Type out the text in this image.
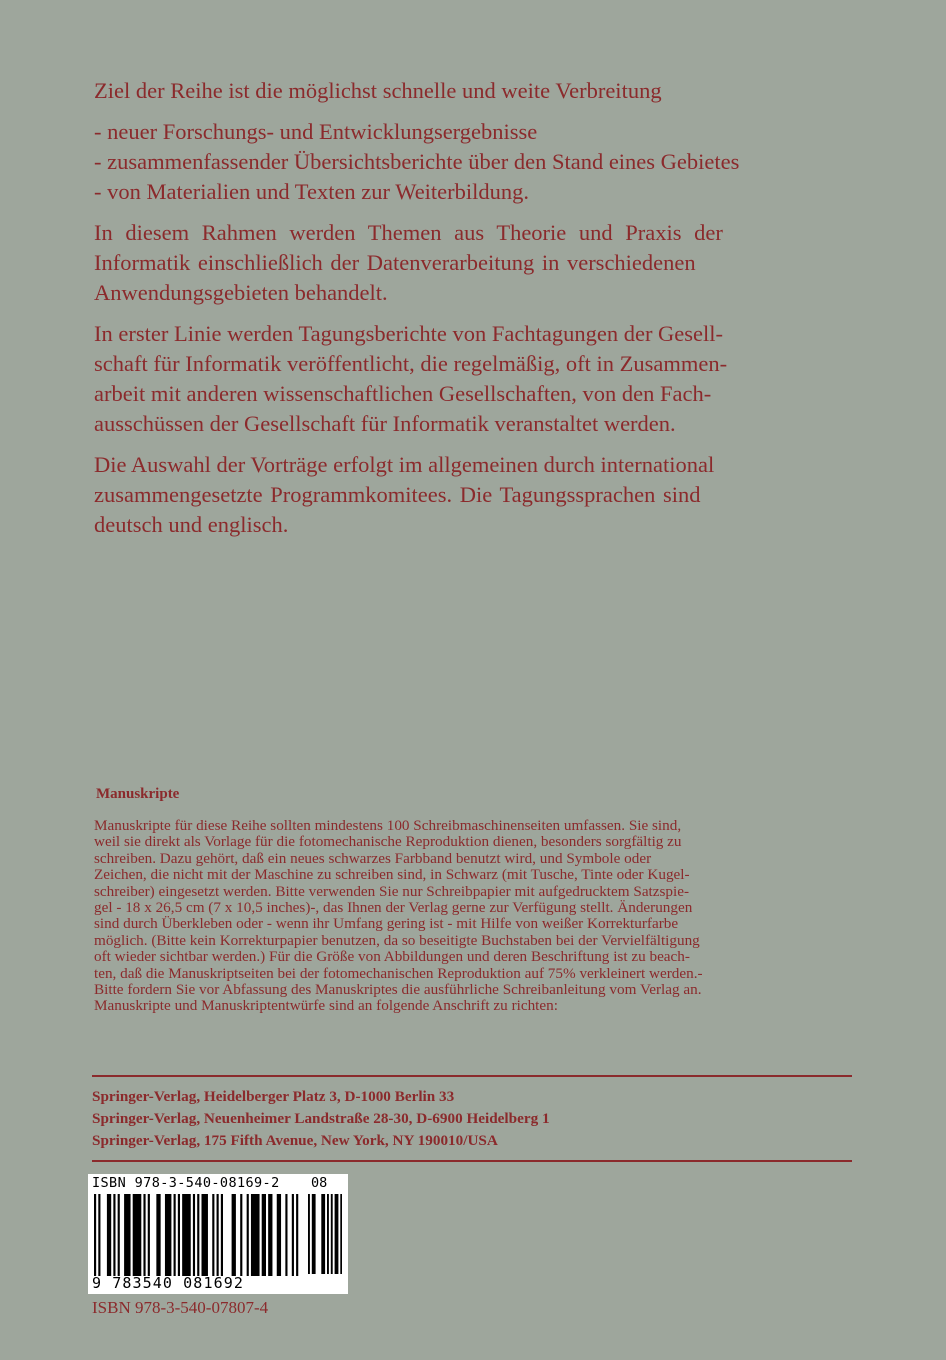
Ziel der Reihe ist die möglichst schnelle und weite Verbreitung

- neuer Forschungs- und Entwicklungsergebnisse
- zusammenfassender Übersichtsberichte über den Stand eines Gebietes
- von Materialien und Texten zur Weiterbildung.

In diesem Rahmen werden Themen aus Theorie und Praxis der
Informatik einschließlich der Datenverarbeitung in verschiedenen
Anwendungsgebieten behandelt.

In erster Linie werden Tagungsberichte von Fachtagungen der Gesell-
schaft für Informatik veröffentlicht, die regelmäßig, oft in Zusammen-
arbeit mit anderen wissenschaftlichen Gesellschaften, von den Fach-
ausschüssen der Gesellschaft für Informatik veranstaltet werden.

Die Auswahl der Vorträge erfolgt im allgemeinen durch international
zusammengesetzte Programmkomitees. Die Tagungssprachen sind
deutsch und englisch.

Manuskripte
Manuskripte für diese Reihe sollten mindestens 100 Schreibmaschinenseiten umfassen. Sie sind,
weil sie direkt als Vorlage für die fotomechanische Reproduktion dienen, besonders sorgfältig zu
schreiben. Dazu gehört, daß ein neues schwarzes Farbband benutzt wird, und Symbole oder
Zeichen, die nicht mit der Maschine zu schreiben sind, in Schwarz (mit Tusche, Tinte oder Kugel-
schreiber) eingesetzt werden. Bitte verwenden Sie nur Schreibpapier mit aufgedrucktem Satzspie-
gel - 18 x 26,5 cm (7 x 10,5 inches)-, das Ihnen der Verlag gerne zur Verfügung stellt. Änderungen
sind durch Überkleben oder - wenn ihr Umfang gering ist - mit Hilfe von weißer Korrekturfarbe
möglich. (Bitte kein Korrekturpapier benutzen, da so beseitigte Buchstaben bei der Vervielfältigung
oft wieder sichtbar werden.) Für die Größe von Abbildungen und deren Beschriftung ist zu beach-
ten, daß die Manuskriptseiten bei der fotomechanischen Reproduktion auf 75% verkleinert werden.-
Bitte fordern Sie vor Abfassung des Manuskriptes die ausführliche Schreibanleitung vom Verlag an.
Manuskripte und Manuskriptentwürfe sind an folgende Anschrift zu richten:
Springer-Verlag, Heidelberger Platz 3, D-1000 Berlin 33
Springer-Verlag, Neuenheimer Landstraße 28-30, D-6900 Heidelberg 1
Springer-Verlag, 175 Fifth Avenue, New York, NY 190010/USA
ISBN 978-3-540-08169-2 08
9 783540 081692
ISBN 978-3-540-07807-4
